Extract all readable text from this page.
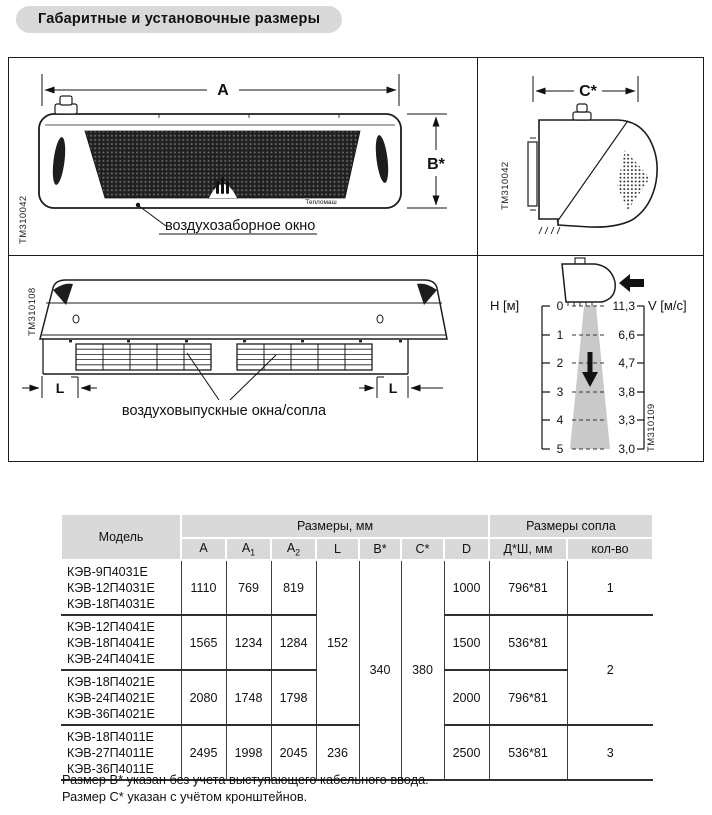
Габаритные и установочные размеры
A
Тепломаш
воздухозаборное окно
B*
ТМ310042
C*
ТМ310042
L	L
воздуховыпускные окна/сопла
ТМ310108	Н [м]	V [м/с]
0
1
2
3
4
5
11,3
6,6
4,7
3,8
3,3
3,0 ТМ310109
Модель	Размеры, мм							Размеры сопла	
	A	$A_1$	$A_2$	L	B*	C*	D	Д*Ш, мм	кол-во

КЭВ-9П4031Е
КЭВ-12П4031Е
КЭВ-18П4031Е	1110	769	819	152	340	380	1000	796*81	1

КЭВ-12П4041Е
КЭВ-18П4041Е
КЭВ-24П4041Е	1565	1234	1284				1500	536*81	2

КЭВ-18П4021Е
КЭВ-24П4021Е
КЭВ-36П4021Е	2080	1748	1798				2000	796*81	

КЭВ-18П4011Е
КЭВ-27П4011Е
КЭВ-36П4011Е	2495	1998	2045	236			2500	536*81	3
Размер В* указан без учета выступающего кабельного ввода.
Размер С* указан с учётом кронштейнов.
